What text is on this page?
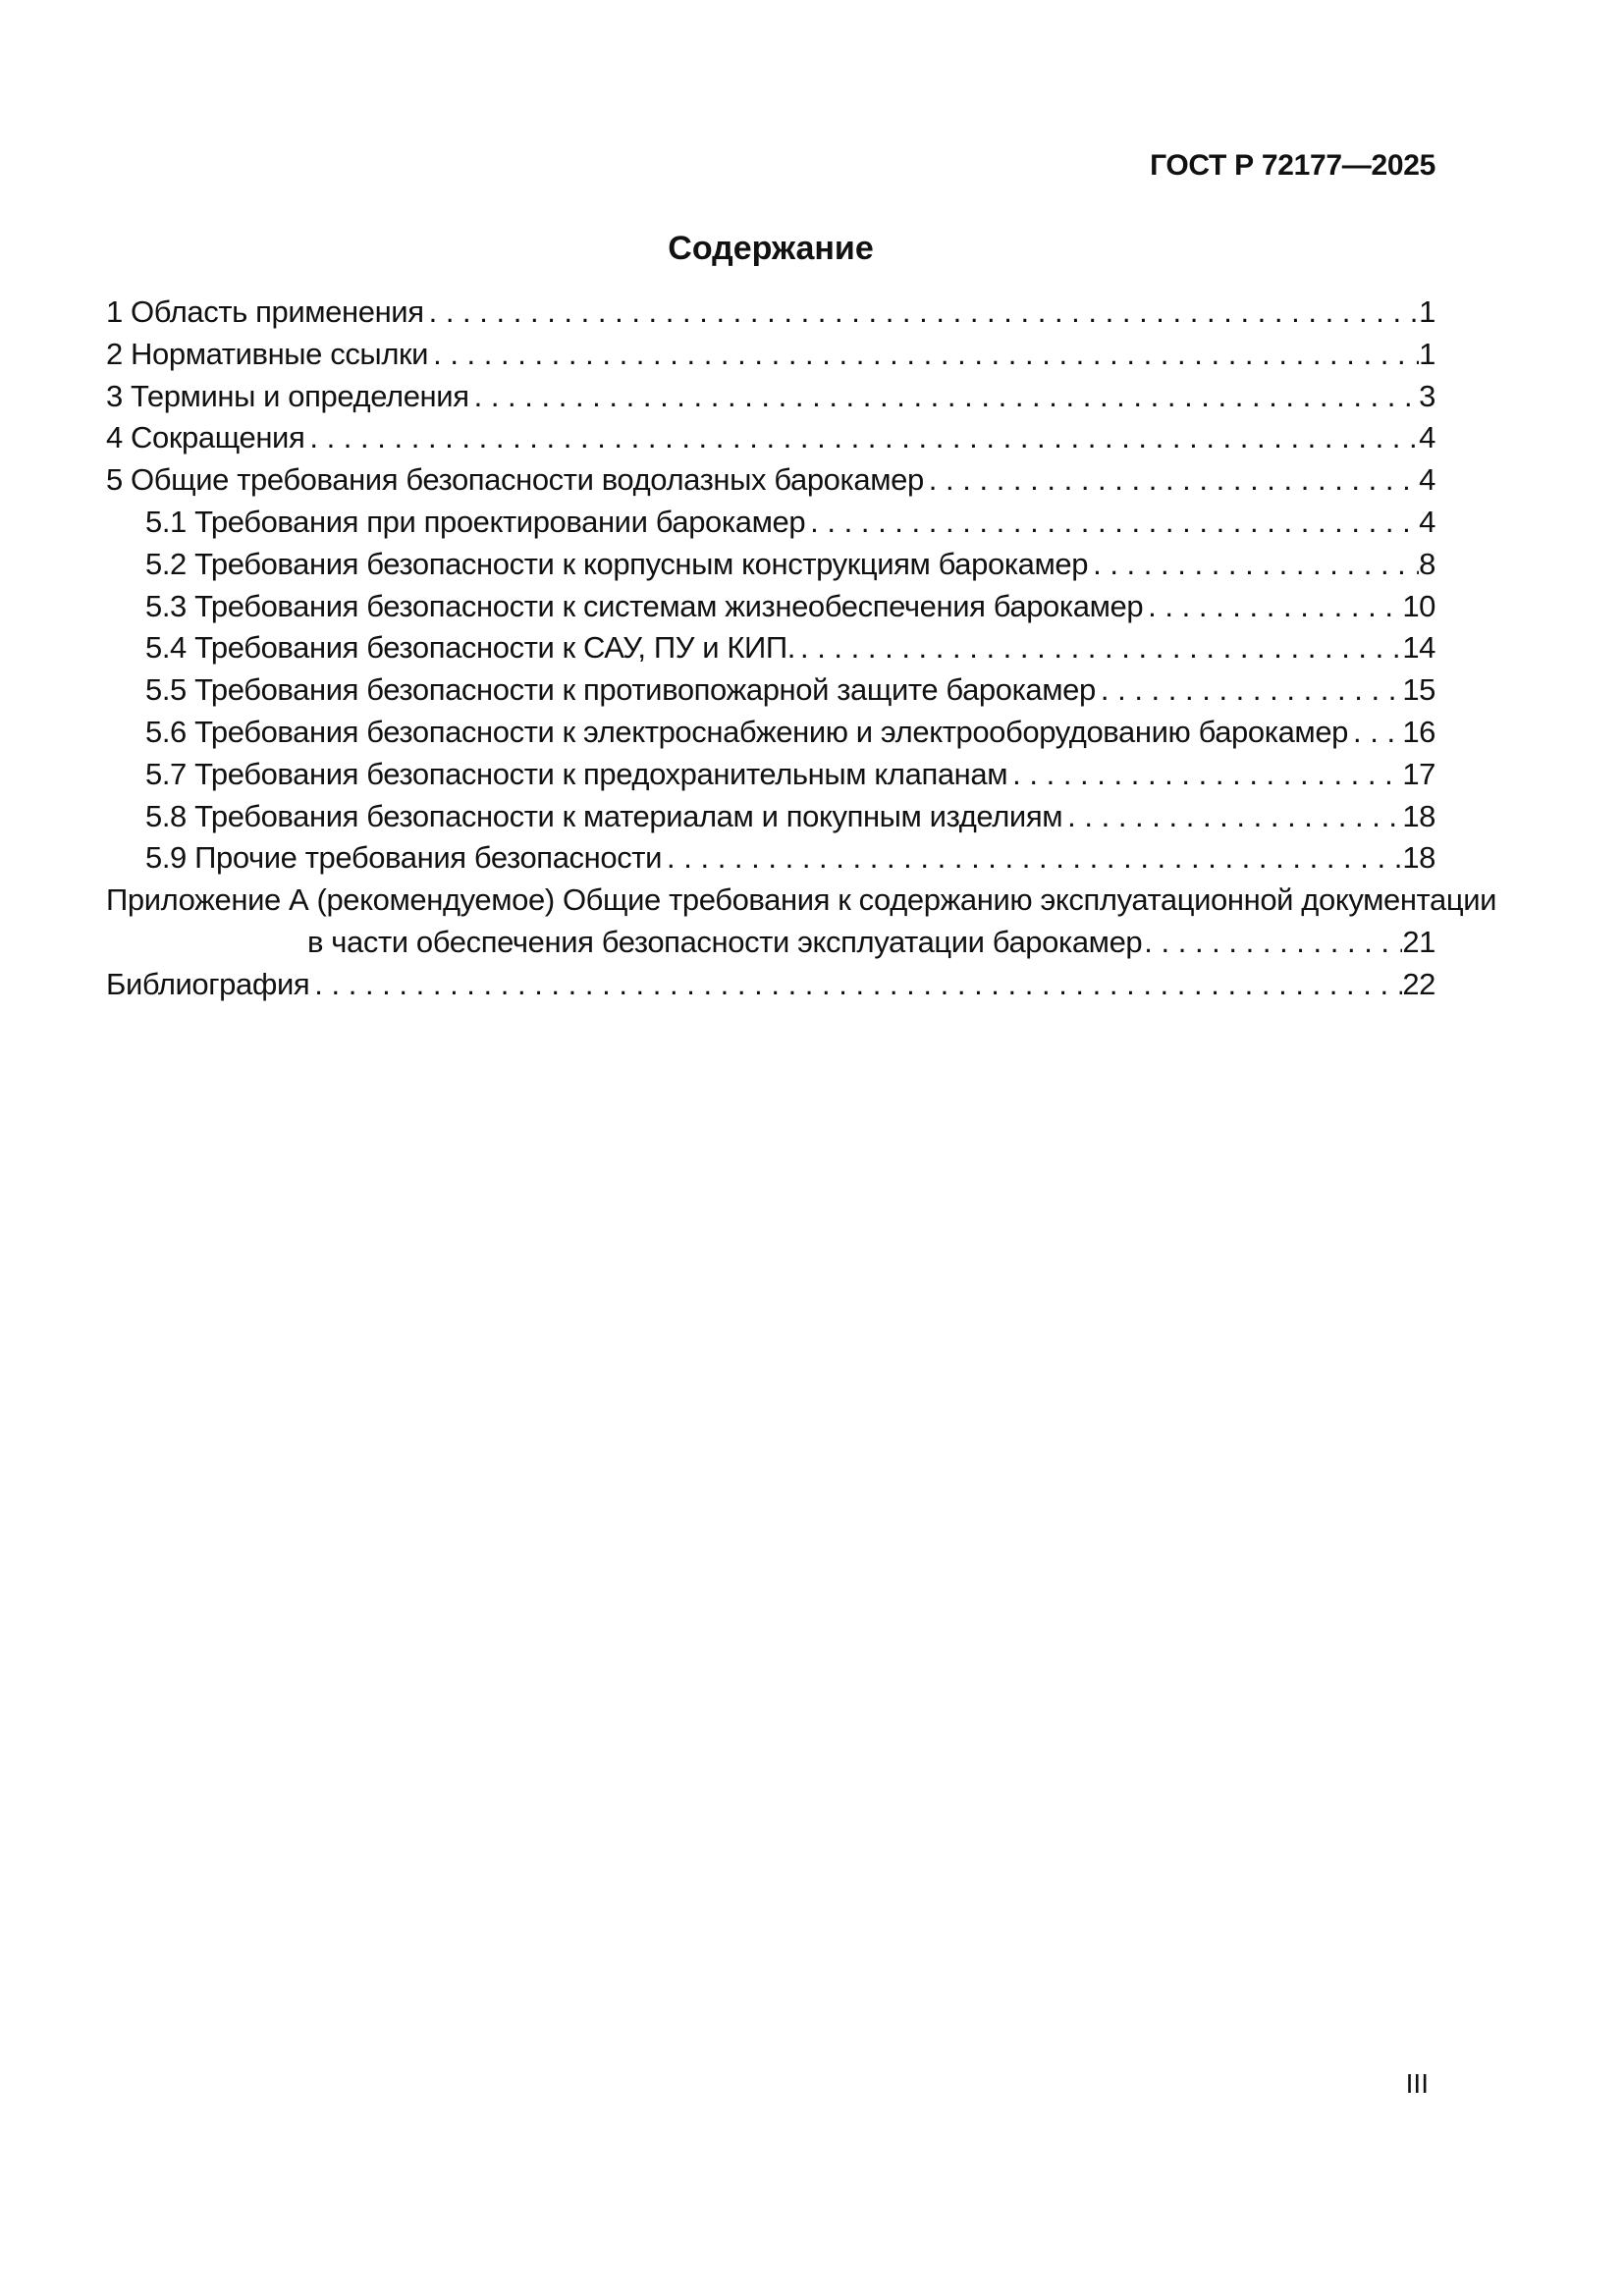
ГОСТ Р 72177—2025
Содержание
1 Область применения . . .	1
2 Нормативные ссылки . . .	1
3 Термины и определения . . .	3
4 Сокращения . . .	4
5 Общие требования безопасности водолазных барокамер . . .	4
5.1 Требования при проектировании барокамер . . .	4
5.2 Требования безопасности к корпусным конструкциям барокамер . . .	8
5.3 Требования безопасности к системам жизнеобеспечения барокамер . . .	10
5.4 Требования безопасности к САУ, ПУ и КИП. . . .	14
5.5 Требования безопасности к противопожарной защите барокамер . . .	15
5.6 Требования безопасности к электроснабжению и электрооборудованию барокамер . . . 16
5.7 Требования безопасности к предохранительным клапанам . . .	17
5.8 Требования безопасности к материалам и покупным изделиям . . .	18
5.9 Прочие требования безопасности . . .	18
Приложение А (рекомендуемое) Общие требования к содержанию эксплуатационной документации
в части обеспечения безопасности эксплуатации барокамер . . .	21
Библиография . . .	22
III
